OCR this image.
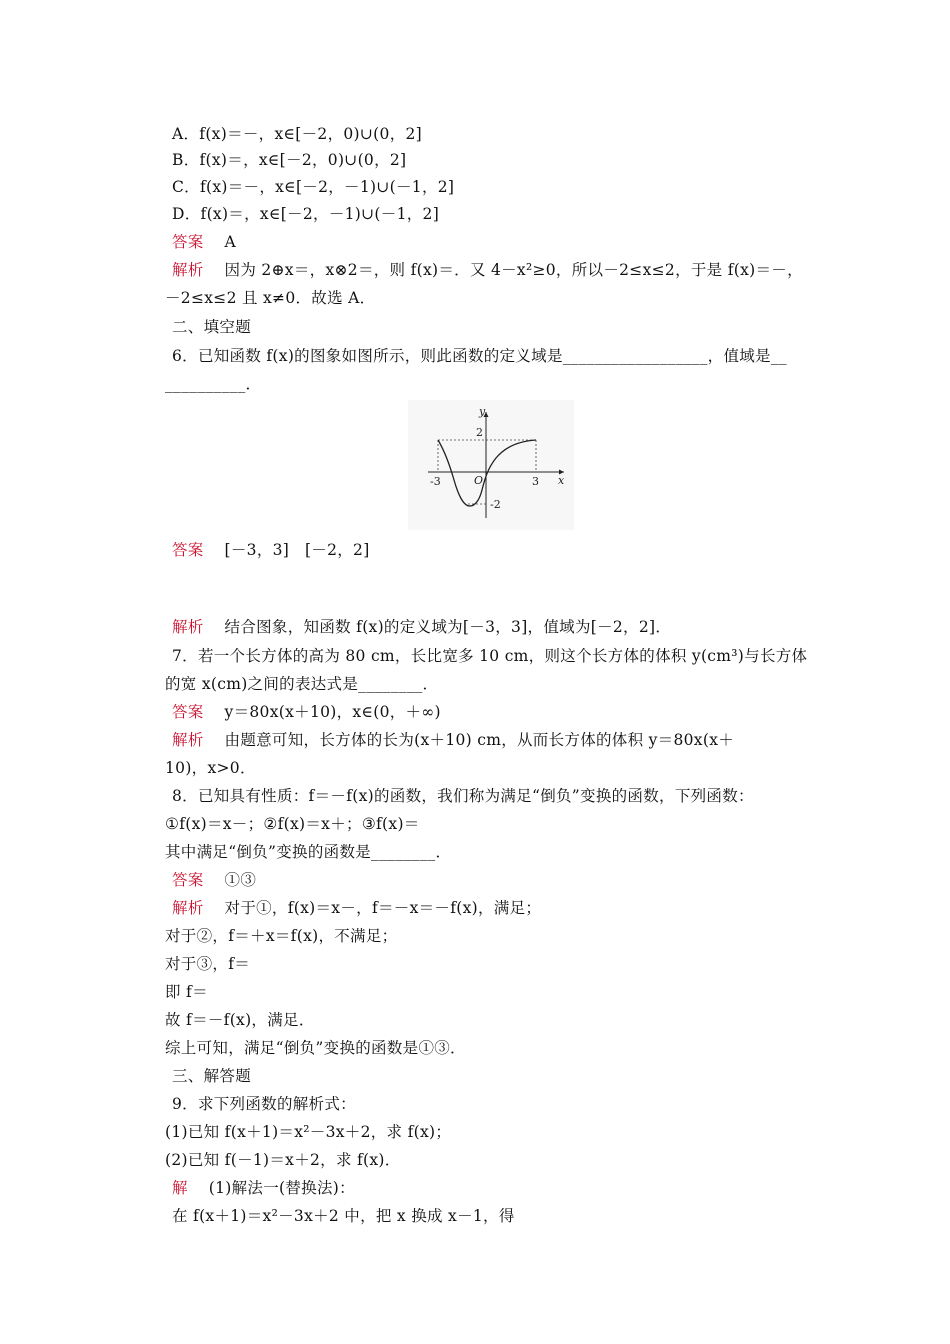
A．f(x)＝－，x∈[－2，0)∪(0，2]
B．f(x)＝，x∈[－2，0)∪(0，2]
C．f(x)＝－，x∈[－2，－1)∪(－1，2]
D．f(x)＝，x∈[－2，－1)∪(－1，2]
答案 A
解析 因为 2⊕x＝，x⊗2＝，则 f(x)＝．又 4－x²≥0，所以－2≤x≤2，于是 f(x)＝－，
－2≤x≤2 且 x≠0．故选 A．
二、填空题
6．已知函数 f(x)的图象如图所示，则此函数的定义域是__________________，值域是__
__________．
y
x
O
-3	3
2
-2
答案 [－3，3]　[－2，2]
解析 结合图象，知函数 f(x)的定义域为[－3，3]，值域为[－2，2]．
7．若一个长方体的高为 80 cm，长比宽多 10 cm，则这个长方体的体积 y(cm³)与长方体
的宽 x(cm)之间的表达式是________．
答案 y＝80x(x＋10)，x∈(0，＋∞)
解析 由题意可知，长方体的长为(x＋10) cm，从而长方体的体积 y＝80x(x＋
10)，x>0．
8．已知具有性质：f＝－f(x)的函数，我们称为满足“倒负”变换的函数，下列函数：
①f(x)＝x－；②f(x)＝x＋；③f(x)＝
其中满足“倒负”变换的函数是________．
答案 ①③
解析 对于①，f(x)＝x－，f＝－x＝－f(x)，满足；
对于②，f＝＋x＝f(x)，不满足；
对于③，f＝
即 f＝
故 f＝－f(x)，满足．
综上可知，满足“倒负”变换的函数是①③．
三、解答题
9．求下列函数的解析式：
(1)已知 f(x＋1)＝x²－3x＋2，求 f(x)；
(2)已知 f(－1)＝x＋2，求 f(x)．
解 (1)解法一(替换法)：
在 f(x＋1)＝x²－3x＋2 中，把 x 换成 x－1，得
